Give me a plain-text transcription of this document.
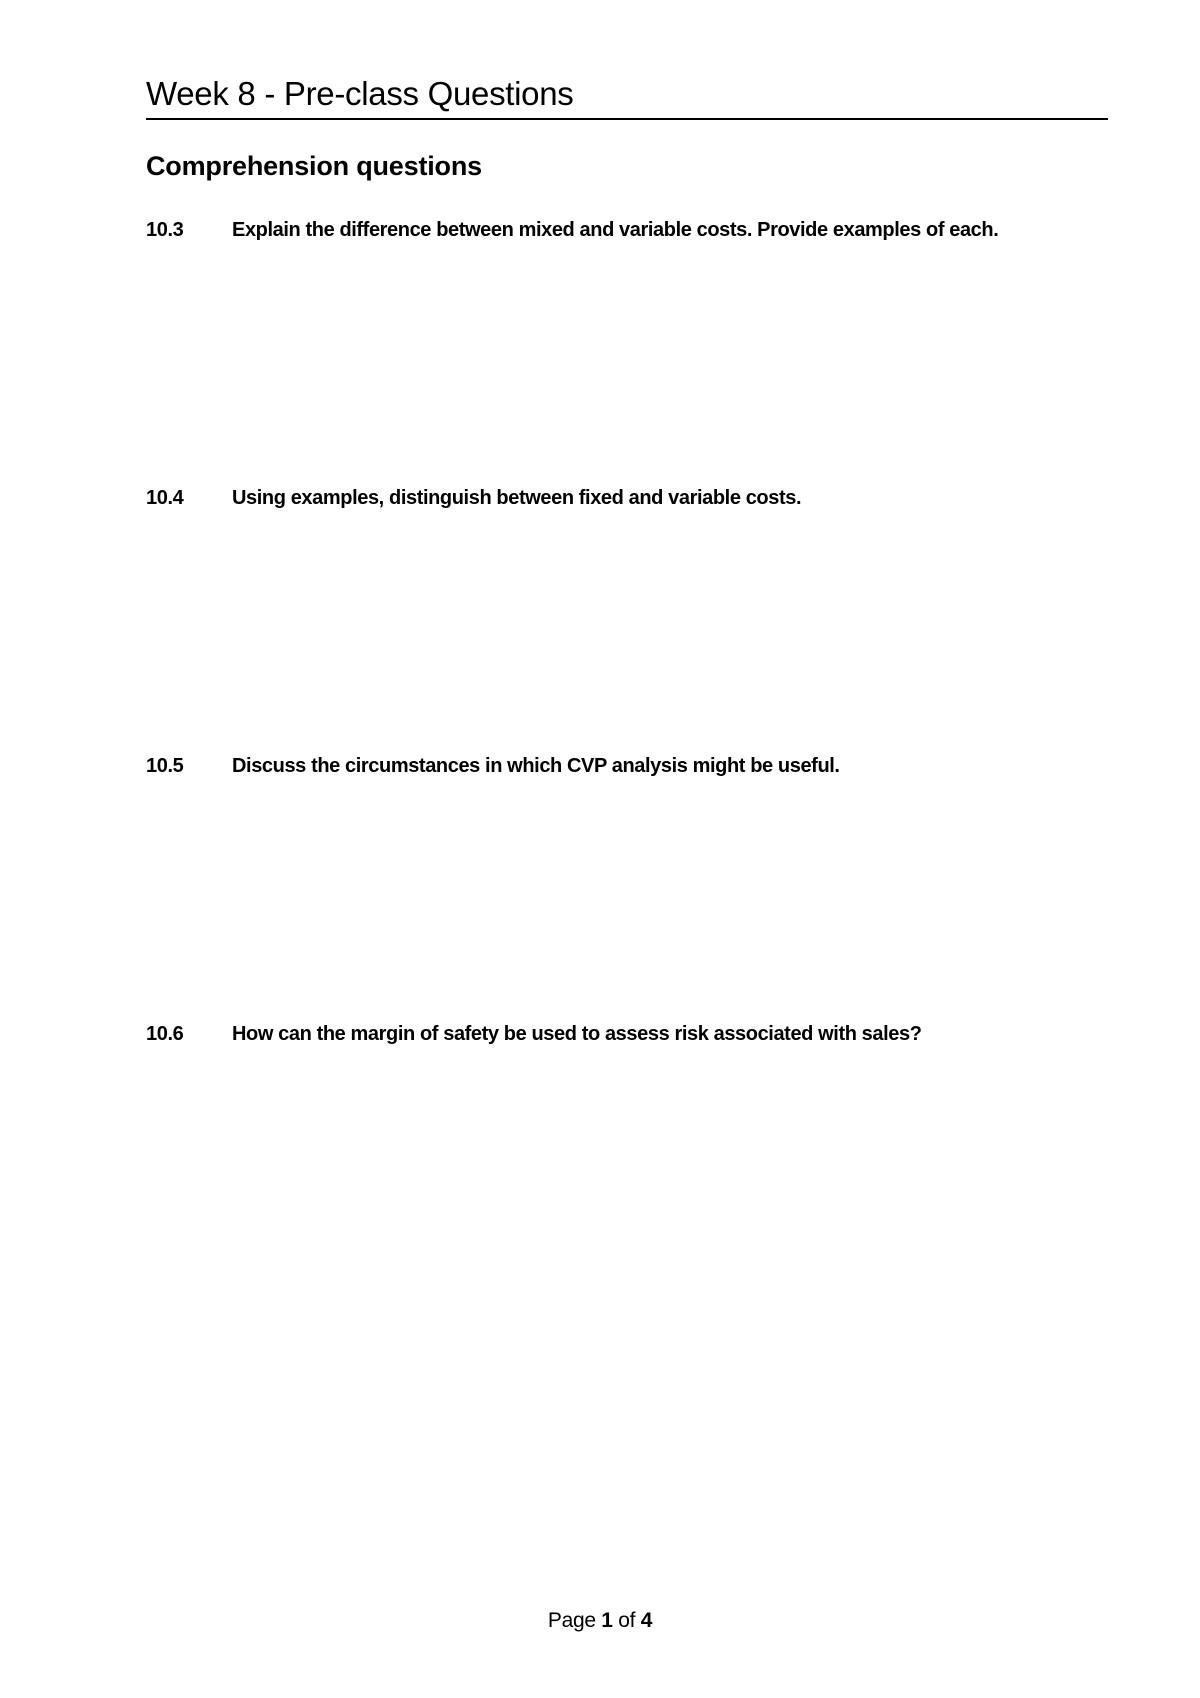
Week 8 - Pre-class Questions
Comprehension questions
10.3	Explain the difference between mixed and variable costs. Provide examples of each.
10.4	Using examples, distinguish between fixed and variable costs.
10.5	Discuss the circumstances in which CVP analysis might be useful.
10.6	How can the margin of safety be used to assess risk associated with sales?
Page 1 of 4
